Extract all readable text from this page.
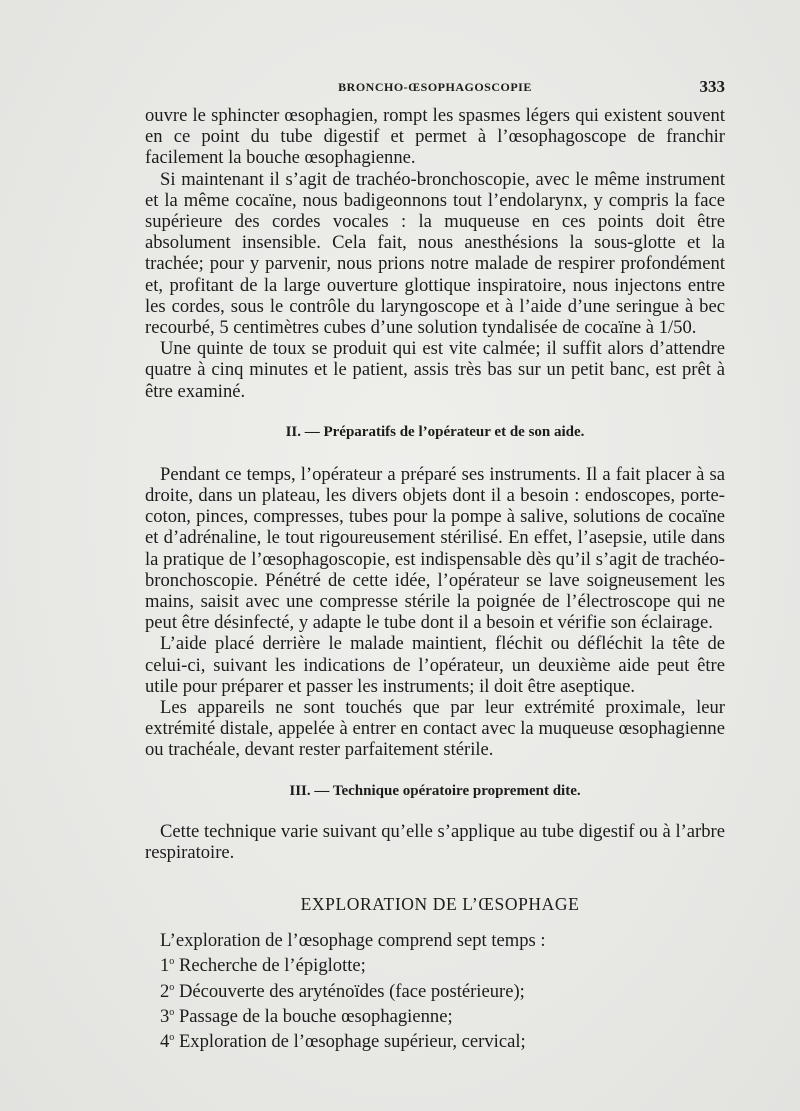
BRONCHO-ŒSOPHAGOSCOPIE	333

ouvre le sphincter œsophagien, rompt les spasmes légers qui existent souvent en ce point du tube digestif et permet à l’œsophagoscope de franchir facilement la bouche œsophagienne.

Si maintenant il s’agit de trachéo-bronchoscopie, avec le même instrument et la même cocaïne, nous badigeonnons tout l’endolarynx, y compris la face supérieure des cordes vocales : la muqueuse en ces points doit être absolument insensible. Cela fait, nous anesthésions la sous-glotte et la trachée; pour y parvenir, nous prions notre malade de respirer profondément et, profitant de la large ouverture glottique inspiratoire, nous injectons entre les cordes, sous le contrôle du laryngoscope et à l’aide d’une seringue à bec recourbé, 5 centimètres cubes d’une solution tyndalisée de cocaïne à 1/50.

Une quinte de toux se produit qui est vite calmée; il suffit alors d’attendre quatre à cinq minutes et le patient, assis très bas sur un petit banc, est prêt à être examiné.

II. — Préparatifs de l’opérateur et de son aide.

Pendant ce temps, l’opérateur a préparé ses instruments. Il a fait placer à sa droite, dans un plateau, les divers objets dont il a besoin : endoscopes, porte-coton, pinces, compresses, tubes pour la pompe à salive, solutions de cocaïne et d’adrénaline, le tout rigoureusement stérilisé. En effet, l’asepsie, utile dans la pratique de l’œsophagoscopie, est indispensable dès qu’il s’agit de trachéo-bronchoscopie. Pénétré de cette idée, l’opérateur se lave soigneusement les mains, saisit avec une compresse stérile la poignée de l’électroscope qui ne peut être désinfecté, y adapte le tube dont il a besoin et vérifie son éclairage.

L’aide placé derrière le malade maintient, fléchit ou défléchit la tête de celui-ci, suivant les indications de l’opérateur, un deuxième aide peut être utile pour préparer et passer les instruments; il doit être aseptique.

Les appareils ne sont touchés que par leur extrémité proximale, leur extrémité distale, appelée à entrer en contact avec la muqueuse œsophagienne ou trachéale, devant rester parfaitement stérile.

III. — Technique opératoire proprement dite.

Cette technique varie suivant qu’elle s’applique au tube digestif ou à l’arbre respiratoire.

EXPLORATION DE L’ŒSOPHAGE

L’exploration de l’œsophage comprend sept temps :

1$^o$ Recherche de l’épiglotte;

2$^o$ Découverte des aryténoïdes (face postérieure);

3$^o$ Passage de la bouche œsophagienne;

4$^o$ Exploration de l’œsophage supérieur, cervical;
